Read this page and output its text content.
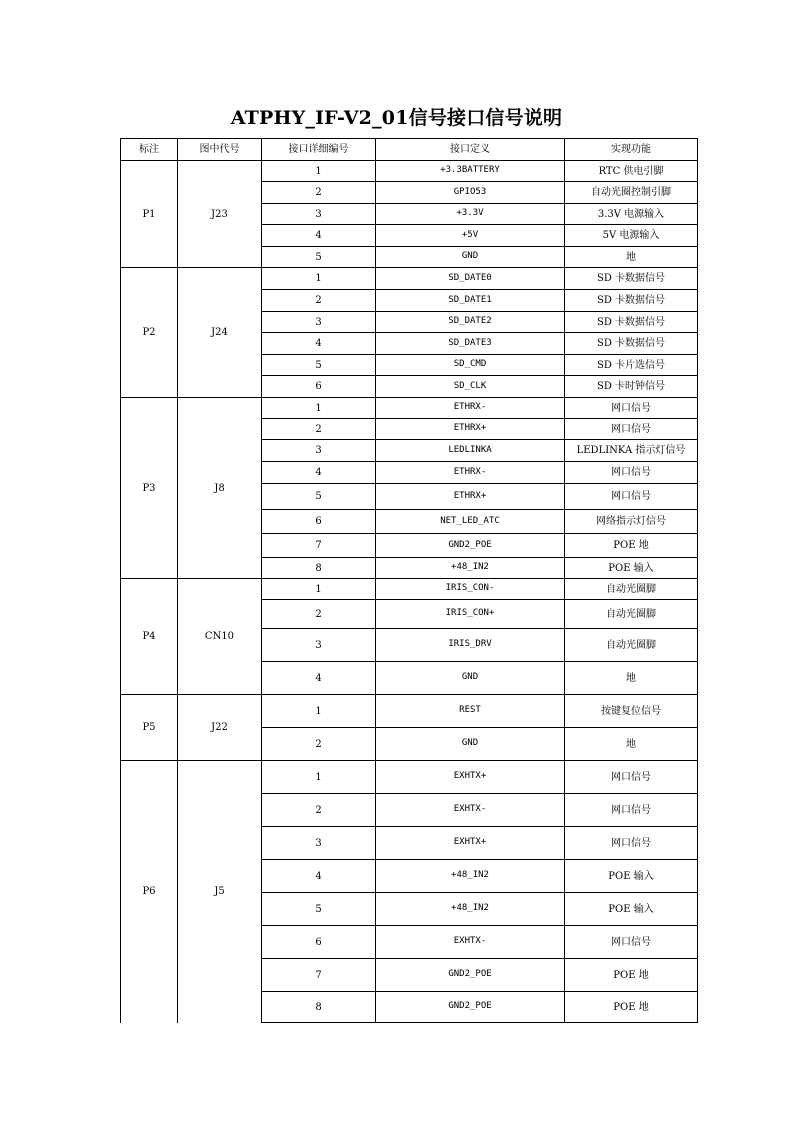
ATPHY_IF-V2_01信号接口信号说明
标注	图中代号	接口详细编号	接口定义	实现功能
P1	J23	1	+3.3BATTERY	RTC 供电引脚
		2	GPIO53	自动光圈控制引脚
		3	+3.3V	3.3V 电源输入
		4	+5V	5V 电源输入
		5	GND	地
P2	J24	1	SD_DATE0	SD 卡数据信号
		2	SD_DATE1	SD 卡数据信号
		3	SD_DATE2	SD 卡数据信号
		4	SD_DATE3	SD 卡数据信号
		5	SD_CMD	SD 卡片选信号
		6	SD_CLK	SD 卡时钟信号
P3	J8	1	ETHRX-	网口信号
		2	ETHRX+	网口信号
		3	LEDLINKA	LEDLINKA 指示灯信号
		4	ETHRX-	网口信号
		5	ETHRX+	网口信号
		6	NET_LED_ATC	网络指示灯信号
		7	GND2_POE	POE 地
		8	+48_IN2	POE 输入
P4	CN10	1	IRIS_CON-	自动光圈脚
		2	IRIS_CON+	自动光圈脚
		3	IRIS_DRV	自动光圈脚
		4	GND	地
P5	J22	1	REST	按键复位信号
		2	GND	地
P6	J5	1	EXHTX+	网口信号
		2	EXHTX-	网口信号
		3	EXHTX+	网口信号
		4	+48_IN2	POE 输入
		5	+48_IN2	POE 输入
		6	EXHTX-	网口信号
		7	GND2_POE	POE 地
		8	GND2_POE	POE 地
